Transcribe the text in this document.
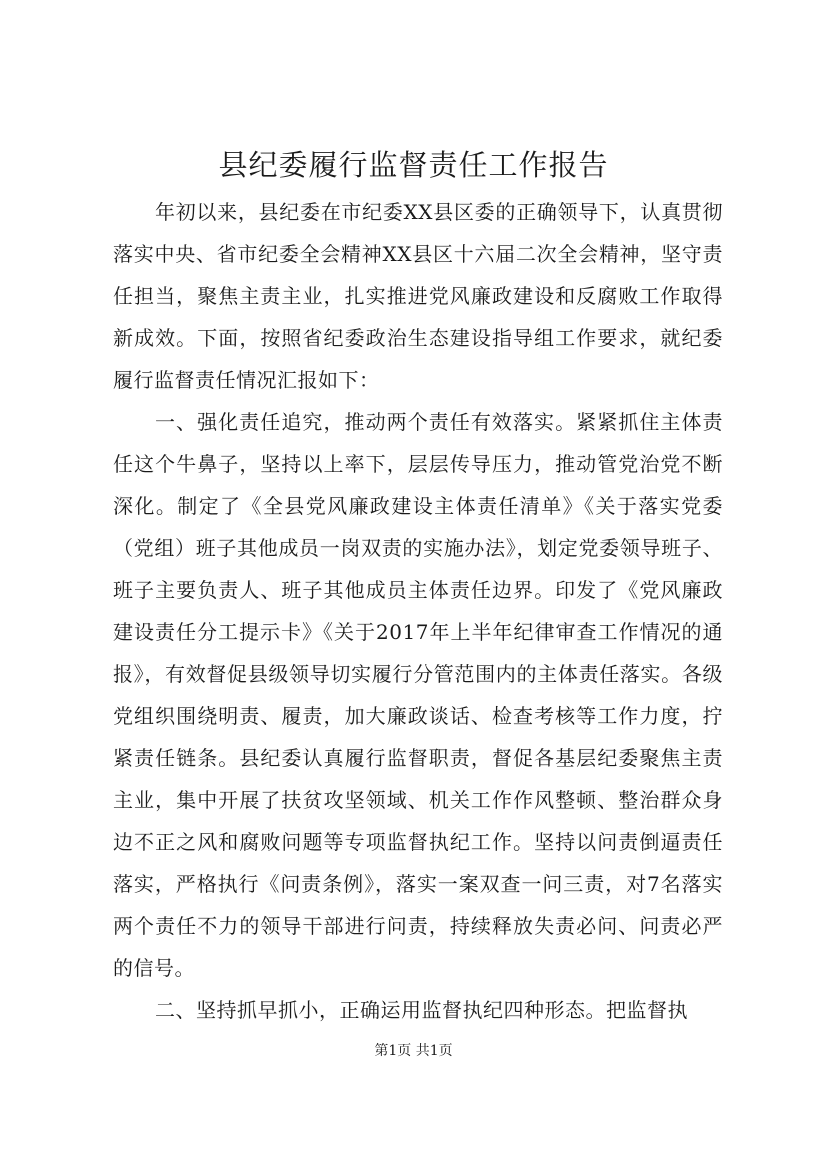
县纪委履行监督责任工作报告

年初以来，县纪委在市纪委XX县区委的正确领导下，认真贯彻落实中央、省市纪委全会精神XX县区十六届二次全会精神，坚守责任担当，聚焦主责主业，扎实推进党风廉政建设和反腐败工作取得新成效。下面，按照省纪委政治生态建设指导组工作要求，就纪委履行监督责任情况汇报如下：

一、强化责任追究，推动两个责任有效落实。紧紧抓住主体责任这个牛鼻子，坚持以上率下，层层传导压力，推动管党治党不断深化。制定了《全县党风廉政建设主体责任清单》《关于落实党委（党组）班子其他成员一岗双责的实施办法》，划定党委领导班子、班子主要负责人、班子其他成员主体责任边界。印发了《党风廉政建设责任分工提示卡》《关于2017年上半年纪律审查工作情况的通报》，有效督促县级领导切实履行分管范围内的主体责任落实。各级党组织围绕明责、履责，加大廉政谈话、检查考核等工作力度，拧紧责任链条。县纪委认真履行监督职责，督促各基层纪委聚焦主责主业，集中开展了扶贫攻坚领域、机关工作作风整顿、整治群众身边不正之风和腐败问题等专项监督执纪工作。坚持以问责倒逼责任落实，严格执行《问责条例》，落实一案双查一问三责，对7名落实两个责任不力的领导干部进行问责，持续释放失责必问、问责必严的信号。

二、坚持抓早抓小，正确运用监督执纪四种形态。把监督执

第1页 共1页
